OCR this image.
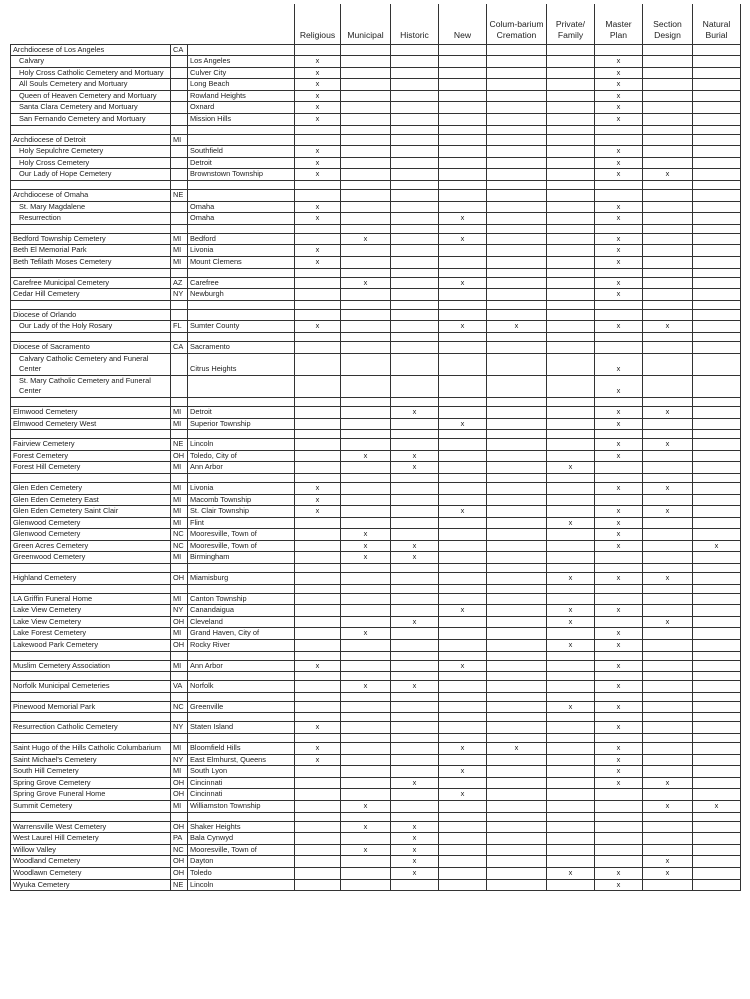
			Religious	Municipal	Historic	New	Colum-barium Cremation	Private/ Family	Master Plan	Section Design	Natural Burial
Archdiocese of Los Angeles	CA										
Calvary		Los Angeles	x						x		
Holy Cross Catholic Cemetery and Mortuary		Culver City	x						x		
All Souls Cemetery and Mortuary		Long Beach	x						x		
Queen of Heaven Cemetery and Mortuary		Rowland Heights	x						x		
Santa Clara Cemetery and Mortuary		Oxnard	x						x		
San Fernando Cemetery and Mortuary		Mission Hills	x						x		

Archdiocese of Detroit	MI										
Holy Sepulchre Cemetery		Southfield	x						x		
Holy Cross Cemetery		Detroit	x						x		
Our Lady of Hope Cemetery		Brownstown Township	x						x	x	

Archdiocese of Omaha	NE										
St. Mary Magdalene		Omaha	x						x		
Resurrection		Omaha	x			x			x		

Bedford Township Cemetery	MI	Bedford		x		x			x		
Beth El Memorial Park	MI	Livonia	x						x		
Beth Tefilath Moses Cemetery	MI	Mount Clemens	x						x		

Carefree Municipal Cemetery	AZ	Carefree		x		x			x		
Cedar Hill Cemetery	NY	Newburgh							x		

Diocese of Orlando											
Our Lady of the Holy Rosary	FL	Sumter County	x			x	x		x	x	

Diocese of Sacramento	CA	Sacramento									
Calvary Catholic Cemetery and Funeral Center		Citrus Heights							x		
St. Mary Catholic Cemetery and Funeral Center									x		

Elmwood Cemetery	MI	Detroit			x				x	x	
Elmwood Cemetery West	MI	Superior Township				x			x		

Fairview Cemetery	NE	Lincoln							x	x	
Forest Cemetery	OH	Toledo, City of		x	x				x		
Forest Hill Cemetery	MI	Ann Arbor			x			x			

Glen Eden Cemetery	MI	Livonia	x						x	x	
Glen Eden Cemetery East	MI	Macomb Township	x								
Glen Eden Cemetery Saint Clair	MI	St. Clair Township	x			x			x	x	
Glenwood Cemetery	MI	Flint						x	x		
Glenwood Cemetery	NC	Mooresville, Town of		x					x		
Green Acres Cemetery	NC	Mooresville, Town of		x	x				x		x
Greenwood Cemetery	MI	Birmingham		x	x						

Highland Cemetery	OH	Miamisburg						x	x	x	

LA Griffin Funeral Home	MI	Canton Township									
Lake View Cemetery	NY	Canandaigua				x		x	x		
Lake View Cemetery	OH	Cleveland			x			x		x	
Lake Forest Cemetery	MI	Grand Haven, City of		x					x		
Lakewood Park Cemetery	OH	Rocky River						x	x		

Muslim Cemetery Association	MI	Ann Arbor	x			x			x		

Norfolk Municipal Cemeteries	VA	Norfolk		x	x				x		

Pinewood Memorial Park	NC	Greenville						x	x		

Resurrection Catholic Cemetery	NY	Staten Island	x						x		

Saint Hugo of the Hills Catholic Columbarium	MI	Bloomfield Hills	x			x	x		x		
Saint Michael's Cemetery	NY	East Elmhurst, Queens	x						x		
South Hill Cemetery	MI	South Lyon				x			x		
Spring Grove Cemetery	OH	Cincinnati			x				x	x	
Spring Grove Funeral Home	OH	Cincinnati				x					
Summit Cemetery	MI	Williamston Township		x						x	x

Warrensville West Cemetery	OH	Shaker Heights		x	x						
West Laurel Hill Cemetery	PA	Bala Cynwyd			x						
Willow Valley	NC	Mooresville, Town of		x	x						
Woodland Cemetery	OH	Dayton			x					x	
Woodlawn Cemetery	OH	Toledo			x			x	x	x	
Wyuka Cemetery	NE	Lincoln							x		
